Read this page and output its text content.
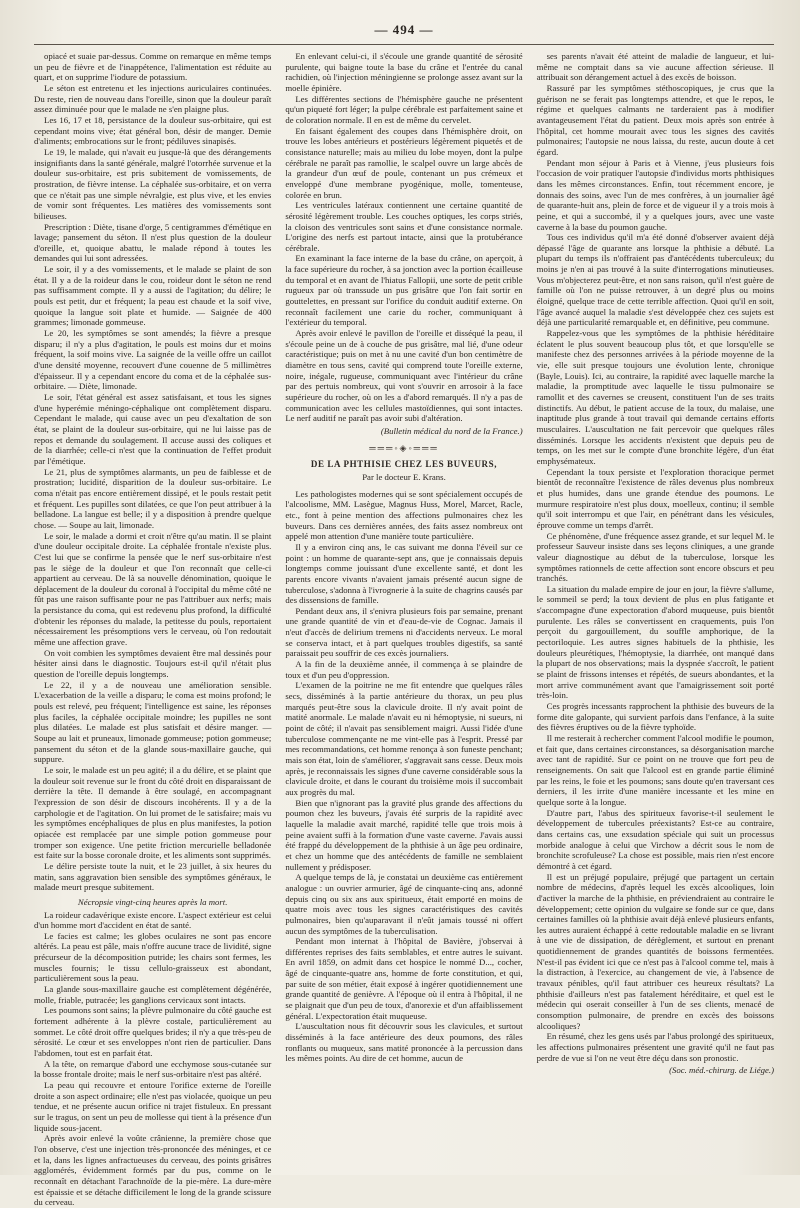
— 494 —

opiacé et suaie par-dessus. Comme on remarque en même temps un peu de fièvre et de l'inappétence, l'alimentation est réduite au quart, et on supprime l'iodure de potassium.

Le séton est entretenu et les injections auriculaires continuées. Du reste, rien de nouveau dans l'oreille, sinon que la douleur paraît assez diminuée pour que le malade ne s'en plaigne plus.

Les 16, 17 et 18, persistance de la douleur sus-orbitaire, qui est cependant moins vive; état général bon, désir de manger. Demie d'aliments; embrocations sur le front; pédiluves sinapisés.

Le 19, le malade, qui n'avait eu jusque-là que des dérangements insignifiants dans la santé générale, malgré l'otorrhée survenue et la douleur sus-orbitaire, est pris subitement de vomissements, de prostration, de fièvre intense. La céphalée sus-orbitaire, et on verra que ce n'était pas une simple névralgie, est plus vive, et les envies de vomir sont fréquentes. Les matières des vomissements sont bilieuses.

Prescription : Diète, tisane d'orge, 5 centigrammes d'émétique en lavage; pansement du séton. Il n'est plus question de la douleur d'oreille, et, quoique abattu, le malade répond à toutes les demandes qui lui sont adressées.

Le soir, il y a des vomissements, et le malade se plaint de son état. Il y a de la roideur dans le cou, roideur dont le séton ne rend pas suffisamment compte. Il y a aussi de l'agitation; du délire; le pouls est petit, dur et fréquent; la peau est chaude et la soif vive, quoique la langue soit plate et humide. — Saignée de 400 grammes; limonade gommeuse.

Le 20, les symptômes se sont amendés; la fièvre a presque disparu; il n'y a plus d'agitation, le pouls est moins dur et moins fréquent, la soif moins vive. La saignée de la veille offre un caillot d'une densité moyenne, recouvert d'une couenne de 5 millimètres d'épaisseur. Il y a cependant encore du coma et de la céphalée sus-orbitaire. — Diète, limonade.

Le soir, l'état général est assez satisfaisant, et tous les signes d'une hyperémie méningo-céphalique ont complètement disparu. Cependant le malade, qui cause avec un peu d'exaltation de son état, se plaint de la douleur sus-orbitaire, qui ne lui laisse pas de repos et demande du soulagement. Il accuse aussi des coliques et de la diarrhée; celle-ci n'est que la continuation de l'effet produit par l'émétique.

Le 21, plus de symptômes alarmants, un peu de faiblesse et de prostration; lucidité, disparition de la douleur sus-orbitaire. Le coma n'était pas encore entièrement dissipé, et le pouls restait petit et fréquent. Les pupilles sont dilatées, ce que l'on peut attribuer à la belladone. La langue est belle; il y a disposition à prendre quelque chose. — Soupe au lait, limonade.

Le soir, le malade a dormi et croit n'être qu'au matin. Il se plaint d'une douleur occipitale droite. La céphalée frontale n'existe plus. C'est lui que se confirme la pensée que le nerf sus-orbitaire n'est pas le siège de la douleur et que l'on reconnaît que celle-ci appartient au cerveau. De là sa nouvelle dénomination, quoique le déplacement de la douleur du coronal à l'occipital du même côté ne fût pas une raison suffisante pour ne pas l'attribuer aux nerfs; mais la persistance du coma, qui est redevenu plus profond, la difficulté d'obtenir les réponses du malade, la petitesse du pouls, reportaient nécessairement les présomptions vers le cerveau, où l'on redoutait même une affection grave.

On voit combien les symptômes devaient être mal dessinés pour hésiter ainsi dans le diagnostic. Toujours est-il qu'il n'était plus question de l'oreille depuis longtemps.

Le 22, il y a de nouveau une amélioration sensible. L'exacerbation de la veille a disparu; le coma est moins profond; le pouls est relevé, peu fréquent; l'intelligence est saine, les réponses plus faciles, la céphalée occipitale moindre; les pupilles ne sont plus dilatées. Le malade est plus satisfait et désire manger. — Soupe au lait et pruneaux, limonade gommeuse; potion gommeuse; pansement du séton et de la glande sous-maxillaire gauche, qui suppure.

Le soir, le malade est un peu agité; il a du délire, et se plaint que la douleur soit revenue sur le front du côté droit en disparaissant de derrière la tête. Il demande à être soulagé, en accompagnant l'expression de son désir de discours incohérents. Il y a de la carphologie et de l'agitation. On lui promet de le satisfaire; mais vu les symptômes encéphaliques de plus en plus manifestes, la potion opiacée est remplacée par une simple potion gommeuse pour tromper son exigence. Une petite friction mercurielle belladonée est faite sur la bosse coronale droite, et les aliments sont supprimés.

Le délire persiste toute la nuit, et le 23 juillet, à six heures du matin, sans aggravation bien sensible des symptômes généraux, le malade meurt presque subitement.

Nécropsie vingt-cinq heures après la mort.

La roideur cadavérique existe encore. L'aspect extérieur est celui d'un homme mort d'accident en état de santé.

Le facies est calme; les globes oculaires ne sont pas encore altérés. La peau est pâle, mais n'offre aucune trace de lividité, signe précurseur de la décomposition putride; les chairs sont fermes, les muscles fournis; le tissu cellulo-graisseux est abondant, particulièrement sous la peau.

La glande sous-maxillaire gauche est complètement dégénérée, molle, friable, putracée; les ganglions cervicaux sont intacts.

Les poumons sont sains; la plèvre pulmonaire du côté gauche est fortement adhérente à la plèvre costale, particulièrement au sommet. Le côté droit offre quelques brides; il n'y a que très-peu de sérosité. Le cœur et ses enveloppes n'ont rien de particulier. Dans l'abdomen, tout est en parfait état.

A la tête, on remarque d'abord une ecchymose sous-cutanée sur la bosse frontale droite; mais le nerf sus-orbitaire n'est pas altéré.

La peau qui recouvre et entoure l'orifice externe de l'oreille droite a son aspect ordinaire; elle n'est pas violacée, quoique un peu tendue, et ne présente aucun orifice ni trajet fistuleux. En pressant sur le tragus, on sent un peu de mollesse qui tient à la présence d'un liquide sous-jacent.

Après avoir enlevé la voûte crânienne, la première chose que l'on observe, c'est une injection très-prononcée des méninges, et ce et la, dans les lignes anfractueuses du cerveau, des points grisâtres agglomérés, évidemment formés par du pus, comme on le reconnaît en détachant l'arachnoïde de la pie-mère. La dure-mère est épaissie et se détache difficilement le long de la grande scissure du cerveau.

En enlevant celui-ci, il s'écoule une grande quantité de sérosité purulente, qui baigne toute la base du crâne et l'entrée du canal rachidien, où l'injection méningienne se prolonge assez avant sur la moelle épinière.

Les différentes sections de l'hémisphère gauche ne présentent qu'un piqueté fort léger; la pulpe cérébrale est parfaitement saine et de coloration normale. Il en est de même du cervelet.

En faisant également des coupes dans l'hémisphère droit, on trouve les lobes antérieurs et postérieurs légèrement piquetés et de consistance naturelle; mais au milieu du lobe moyen, dont la pulpe cérébrale ne paraît pas ramollie, le scalpel ouvre un large abcès de la grandeur d'un œuf de poule, contenant un pus crémeux et enveloppé d'une membrane pyogénique, molle, tomenteuse, colorée en brun.

Les ventricules latéraux contiennent une certaine quantité de sérosité légèrement trouble. Les couches optiques, les corps striés, la cloison des ventricules sont sains et d'une consistance normale. L'origine des nerfs est partout intacte, ainsi que la protubérance cérébrale.

En examinant la face interne de la base du crâne, on aperçoit, à la face supérieure du rocher, à sa jonction avec la portion écailleuse du temporal et en avant de l'hiatus Fallopii, une sorte de petit crible rugueux par où transsude un pus grisâtre que l'on fait sortir en gouttelettes, en pressant sur l'orifice du conduit auditif externe. On reconnaît facilement une carie du rocher, communiquant à l'extérieur du temporal.

Après avoir enlevé le pavillon de l'oreille et disséqué la peau, il s'écoule peine un de à couche de pus grisâtre, mal lié, d'une odeur caractéristique; puis on met à nu une cavité d'un bon centimètre de diamètre en tous sens, cavité qui comprend toute l'oreille externe, noire, inégale, rugueuse, communiquant avec l'intérieur du crâne par des pertuis nombreux, qui vont s'ouvrir en arrosoir à la face supérieure du rocher, où on les a d'abord remarqués. Il n'y a pas de communication avec les cellules mastoïdiennes, qui sont intactes. Le nerf auditif ne paraît pas avoir subi d'altération.

(Bulletin médical du nord de la France.)

═══◦◈◦═══

DE LA PHTHISIE CHEZ LES BUVEURS,

Par le docteur E. Krans.

Les pathologistes modernes qui se sont spécialement occupés de l'alcoolisme, MM. Lasègue, Magnus Huss, Morel, Marcet, Racle, etc., font à peine mention des affections pulmonaires chez les buveurs. Dans ces dernières années, des faits assez nombreux ont appelé mon attention d'une manière toute particulière.

Il y a environ cinq ans, le cas suivant me donna l'éveil sur ce point : un homme de quarante-sept ans, que je connaissais depuis longtemps comme jouissant d'une excellente santé, et dont les parents encore vivants n'avaient jamais présenté aucun signe de tuberculose, s'adonna à l'ivrognerie à la suite de chagrins causés par des dissensions de famille.

Pendant deux ans, il s'enivra plusieurs fois par semaine, prenant une grande quantité de vin et d'eau-de-vie de Cognac. Jamais il n'eut d'accès de delirium tremens ni d'accidents nerveux. Le moral se conserva intact, et à part quelques troubles digestifs, sa santé paraissait peu souffrir de ces excès journaliers.

A la fin de la deuxième année, il commença à se plaindre de toux et d'un peu d'oppression.

L'examen de la poitrine ne me fit entendre que quelques râles secs, disséminés à la partie antérieure du thorax, un peu plus marqués peut-être sous la clavicule droite. Il n'y avait point de matité anormale. Le malade n'avait eu ni hémoptysie, ni sueurs, ni point de côté; il n'avait pas sensiblement maigri. Aussi l'idée d'une tuberculose commençante ne me vint-elle pas à l'esprit. Pressé par mes recommandations, cet homme renonça à son funeste penchant; mais son état, loin de s'améliorer, s'aggravait sans cesse. Deux mois après, je reconnaissais les signes d'une caverne considérable sous la clavicule droite, et dans le courant du troisième mois il succombait aux progrès du mal.

Bien que n'ignorant pas la gravité plus grande des affections du poumon chez les buveurs, j'avais été surpris de la rapidité avec laquelle la maladie avait marché, rapidité telle que trois mois à peine avaient suffi à la formation d'une vaste caverne. J'avais aussi été frappé du développement de la phthisie à un âge peu ordinaire, et chez un homme que des antécédents de famille ne semblaient nullement y prédisposer.

A quelque temps de là, je constatai un deuxième cas entièrement analogue : un ouvrier armurier, âgé de cinquante-cinq ans, adonné depuis cinq ou six ans aux spiritueux, était emporté en moins de quatre mois avec tous les signes caractéristiques des cavités pulmonaires, bien qu'auparavant il n'eût jamais toussé ni offert aucun des symptômes de la tuberculisation.

Pendant mon internat à l'hôpital de Bavière, j'observai à différentes reprises des faits semblables, et entre autres le suivant. En avril 1859, on admit dans cet hospice le nommé D..., cocher, âgé de cinquante-quatre ans, homme de forte constitution, et qui, par suite de son métier, était exposé à ingérer quotidiennement une grande quantité de genièvre. A l'époque où il entra à l'hôpital, il ne se plaignait que d'un peu de toux, d'anorexie et d'un affaiblissement général. L'expectoration était muqueuse.

L'auscultation nous fit découvrir sous les clavicules, et surtout disséminés à la face antérieure des deux poumons, des râles ronflants ou muqueux, sans matité prononcée à la percussion dans les mêmes points. Au dire de cet homme, aucun de

ses parents n'avait été atteint de maladie de langueur, et lui-même ne comptait dans sa vie aucune affection sérieuse. Il attribuait son dérangement actuel à des excès de boisson.

Rassuré par les symptômes stéthoscopiques, je crus que la guérison ne se ferait pas longtemps attendre, et que le repos, le régime et quelques calmants ne tarderaient pas à modifier avantageusement l'état du patient. Deux mois après son entrée à l'hôpital, cet homme mourait avec tous les signes des cavités pulmonaires; l'autopsie ne nous laissa, du reste, aucun doute à cet égard.

Pendant mon séjour à Paris et à Vienne, j'eus plusieurs fois l'occasion de voir pratiquer l'autopsie d'individus morts phthisiques dans les mêmes circonstances. Enfin, tout récemment encore, je donnais des soins, avec l'un de mes confrères, à un journalier âgé de quarante-huit ans, plein de force et de vigueur il y a trois mois à peine, et qui a succombé, il y a quelques jours, avec une vaste caverne à la base du poumon gauche.

Tous ces individus qu'il m'a été donné d'observer avaient déjà dépassé l'âge de quarante ans lorsque la phthisie a débuté. La plupart du temps ils n'offraient pas d'antécédents tuberculeux; du moins je n'en ai pas trouvé à la suite d'interrogations minutieuses. Vous m'objecterez peut-être, et non sans raison, qu'il n'est guère de famille où l'on ne puisse retrouver, à un degré plus ou moins éloigné, quelque trace de cette terrible affection. Quoi qu'il en soit, l'âge avancé auquel la maladie s'est développée chez ces sujets est déjà une particularité remarquable et, en définitive, peu commune.

Rappelez-vous que les symptômes de la phthisie héréditaire éclatent le plus souvent beaucoup plus tôt, et que lorsqu'elle se manifeste chez des personnes arrivées à la période moyenne de la vie, elle suit presque toujours une évolution lente, chronique (Bayle, Louis). Ici, au contraire, la rapidité avec laquelle marche la maladie, la promptitude avec laquelle le tissu pulmonaire se ramollit et des cavernes se creusent, constituent l'un de ses traits distinctifs. Au début, le patient accuse de la toux, du malaise, une inaptitude plus grande à tout travail qui demande certains efforts musculaires. L'auscultation ne fait percevoir que quelques râles disséminés. Lorsque les accidents n'existent que depuis peu de temps, on les met sur le compte d'une bronchite légère, d'un état emphysémateux.

Cependant la toux persiste et l'exploration thoracique permet bientôt de reconnaître l'existence de râles devenus plus nombreux et plus humides, dans une grande étendue des poumons. Le murmure respiratoire n'est plus doux, moelleux, continu; il semble qu'il soit interrompu et que l'air, en pénétrant dans les vésicules, éprouve comme un temps d'arrêt.

Ce phénomène, d'une fréquence assez grande, et sur lequel M. le professeur Sauveur insiste dans ses leçons cliniques, a une grande valeur diagnostique au début de la tuberculose, lorsque les symptômes rationnels de cette affection sont encore obscurs et peu tranchés.

La situation du malade empire de jour en jour, la fièvre s'allume, le sommeil se perd; la toux devient de plus en plus fatigante et s'accompagne d'une expectoration d'abord muqueuse, puis bientôt purulente. Les râles se convertissent en craquements, puis l'on perçoit du gargouillement, du souffle amphorique, de la pectoriloquie. Les autres signes habituels de la phthisie, les douleurs pleurétiques, l'hémoptysie, la diarrhée, ont manqué dans la plupart de nos observations; mais la dyspnée s'accroît, le patient se plaint de frissons intenses et répétés, de sueurs abondantes, et la mort arrive communément avant que l'amaigrissement soit porté très-loin.

Ces progrès incessants rapprochent la phthisie des buveurs de la forme dite galopante, qui survient parfois dans l'enfance, à la suite des fièvres éruptives ou de la fièvre typhoïde.

Il me resterait à rechercher comment l'alcool modifie le poumon, et fait que, dans certaines circonstances, sa désorganisation marche avec tant de rapidité. Sur ce point on ne trouve que fort peu de renseignements. On sait que l'alcool est en grande partie éliminé par les reins, le foie et les poumons; sans doute qu'en traversant ces derniers, il les irrite d'une manière incessante et les mine en quelque sorte à la longue.

D'autre part, l'abus des spiritueux favorise-t-il seulement le développement de tubercules préexistants? Est-ce au contraire, dans certains cas, une exsudation spéciale qui suit un processus morbide analogue à celui que Virchow a décrit sous le nom de bronchite scrofuleuse? La chose est possible, mais rien n'est encore démontré à cet égard.

Il est un préjugé populaire, préjugé que partagent un certain nombre de médecins, d'après lequel les excès alcooliques, loin d'activer la marche de la phthisie, en préviendraient au contraire le développement; cette opinion du vulgaire se fonde sur ce que, dans certaines familles où la phthisie avait déjà enlevé plusieurs enfants, les autres auraient échappé à cette redoutable maladie en se livrant à une vie de dissipation, de dérèglement, et surtout en prenant quotidiennement de grandes quantités de boissons fermentées. N'est-il pas évident ici que ce n'est pas à l'alcool comme tel, mais à la distraction, à l'exercice, au changement de vie, à l'absence de travaux pénibles, qu'il faut attribuer ces heureux résultats? La phthisie d'ailleurs n'est pas fatalement héréditaire, et quel est le médecin qui oserait conseiller à l'un de ses clients, menacé de consomption pulmonaire, de prendre en excès des boissons alcooliques?

En résumé, chez les gens usés par l'abus prolongé des spiritueux, les affections pulmonaires présentent une gravité qu'il ne faut pas perdre de vue si l'on ne veut être déçu dans son pronostic.

(Soc. méd.-chirurg. de Liége.)
